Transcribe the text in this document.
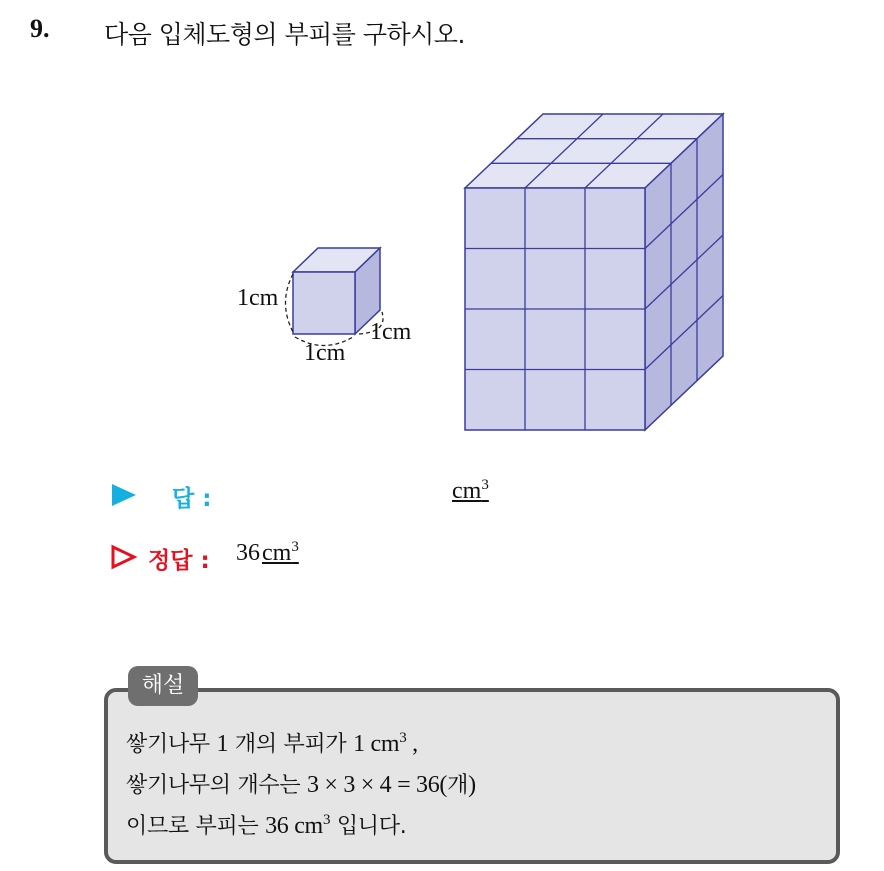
9. 다음 입체도형의 부피를 구하시오.
1cm
1cm
1cm
답 :	$cm^3$
정답 : $36cm^3$
해설
쌓기나무 1 개의 부피가 1 $cm^3$ ,
쌓기나무의 개수는 3 × 3 × 4 = 36(개)
이므로 부피는 36 $cm^3$ 입니다.
